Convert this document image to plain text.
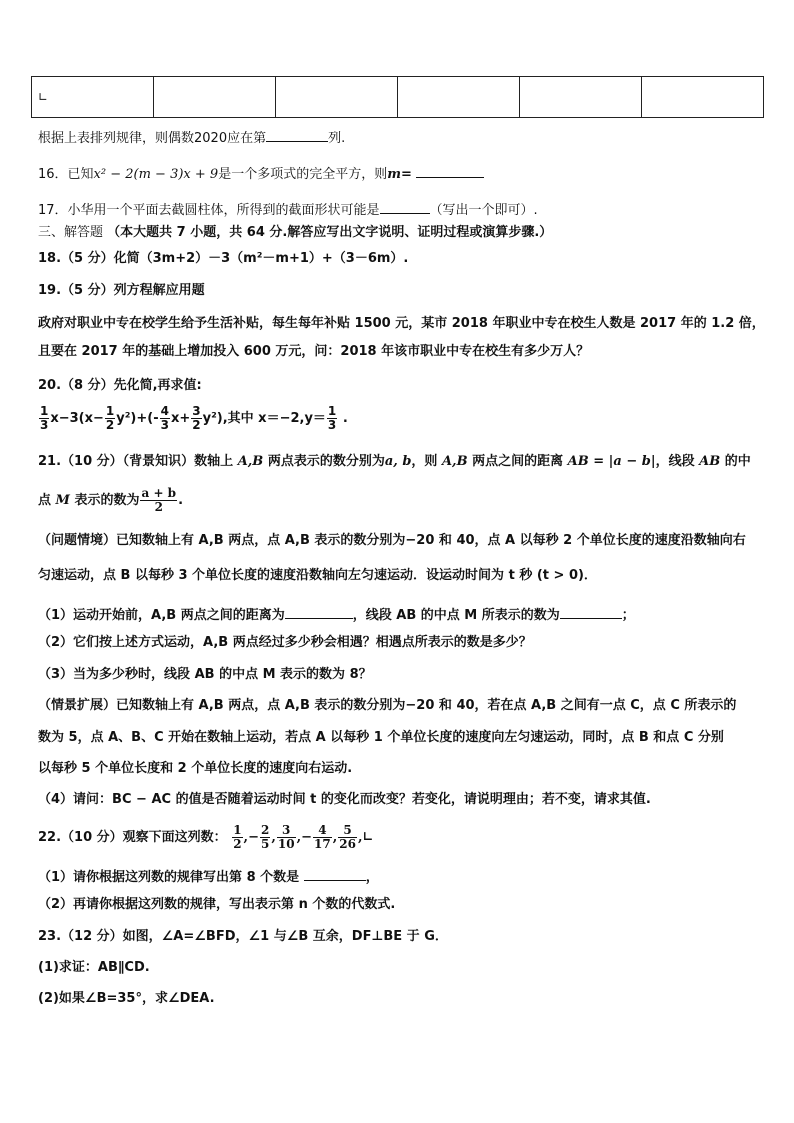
∟					
根据上表排列规律，则偶数2020应在第	列.
16．已知x² − 2(m − 3)x + 9是一个多项式的完全平方，则m=
17．小华用一个平面去截圆柱体，所得到的截面形状可能是	（写出一个即可）.
三、解答题 （本大题共 7 小题，共 64 分.解答应写出文字说明、证明过程或演算步骤.）
18.（5 分）化简（3m+2）－3（m²－m+1）+（3－6m）.
19.（5 分）列方程解应用题
政府对职业中专在校学生给予生活补贴，每生每年补贴 1500 元，某市 2018 年职业中专在校生人数是 2017 年的 1.2 倍，
且要在 2017 年的基础上增加投入 600 万元，问：2018 年该市职业中专在校生有多少万人？
20.（8 分）先化简,再求值:
$\frac{1}{3} x-3(x- \frac{1}{2} y^2)+(- \frac{4}{3} x+ \frac{3}{2} y^2)$,其中 $x=-2,y= \frac{1}{3}$ .
21.（10 分）（背景知识）数轴上 A,B 两点表示的数分别为a, b，则 A,B 两点之间的距离 AB = |a − b|，线段 AB 的中
点 M 表示的数为 $\frac{a + b}{2}$ .
（问题情境）已知数轴上有 A,B 两点，点 A,B 表示的数分别为−20 和 40，点 A 以每秒 2 个单位长度的速度沿数轴向右
匀速运动，点 B 以每秒 3 个单位长度的速度沿数轴向左匀速运动．设运动时间为 t 秒 (t > 0)．
（1）运动开始前，A,B 两点之间的距离为	，线段 AB 的中点 M 所表示的数为	；
（2）它们按上述方式运动，A,B 两点经过多少秒会相遇？相遇点所表示的数是多少？
（3）当为多少秒时，线段 AB 的中点 M 表示的数为 8？
（情景扩展）已知数轴上有 A,B 两点，点 A,B 表示的数分别为−20 和 40，若在点 A,B 之间有一点 C，点 C 所表示的
数为 5，点 A、B、C 开始在数轴上运动，若点 A 以每秒 1 个单位长度的速度向左匀速运动，同时，点 B 和点 C 分别
以每秒 5 个单位长度和 2 个单位长度的速度向右运动.
（4）请问：BC − AC 的值是否随着运动时间 t 的变化而改变？若变化，请说明理由；若不变，请求其值.
22.（10 分）观察下面这列数： $\frac{1}{2}$ ,− $\frac{2}{5}$ , $\frac{3}{10}$ ,− $\frac{4}{17}$ , $\frac{5}{26}$ ,∟
（1）请你根据这列数的规律写出第 8 个数是	，
（2）再请你根据这列数的规律，写出表示第 n 个数的代数式.
23.（12 分）如图，∠A=∠BFD，∠1 与∠B 互余，DF⊥BE 于 G．
(1)求证：AB∥CD.
(2)如果∠B=35°，求∠DEA.
